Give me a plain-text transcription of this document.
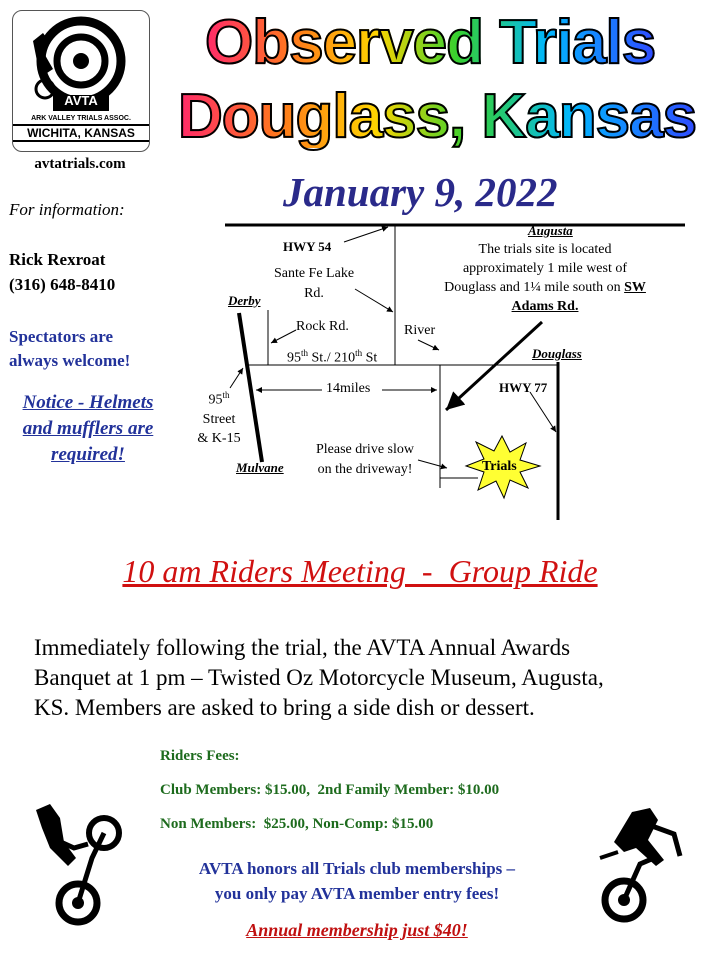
AVTA
ARK VALLEY TRIALS ASSOC.
WICHITA, KANSAS
avtatrials.com
Observed Trials
Douglass, Kansas
January 9, 2022
For information:
Rick Rexroat
(316) 648-8410
Spectators are
always welcome!
Notice - Helmets
and mufflers are
required!
Augusta
HWY 54	The trials site is located
approximately 1 mile west of
Douglass and 1¼ mile south on SW
Adams Rd.
Sante Fe Lake
Rd.
Derby
Rock Rd.	River
95th St./ 210th St	Douglass
95th
Street
& K-15
14miles	HWY 77
Please drive slow
on the driveway!	Trials
Mulvane
10 am Riders Meeting  -  Group Ride
Immediately following the trial, the AVTA Annual Awards
Banquet at 1 pm – Twisted Oz Motorcycle Museum, Augusta,
KS. Members are asked to bring a side dish or dessert.
Riders Fees:
Club Members: $15.00,  2nd Family Member: $10.00
Non Members:  $25.00, Non-Comp: $15.00
AVTA honors all Trials club memberships –
you only pay AVTA member entry fees!
Annual membership just $40!
